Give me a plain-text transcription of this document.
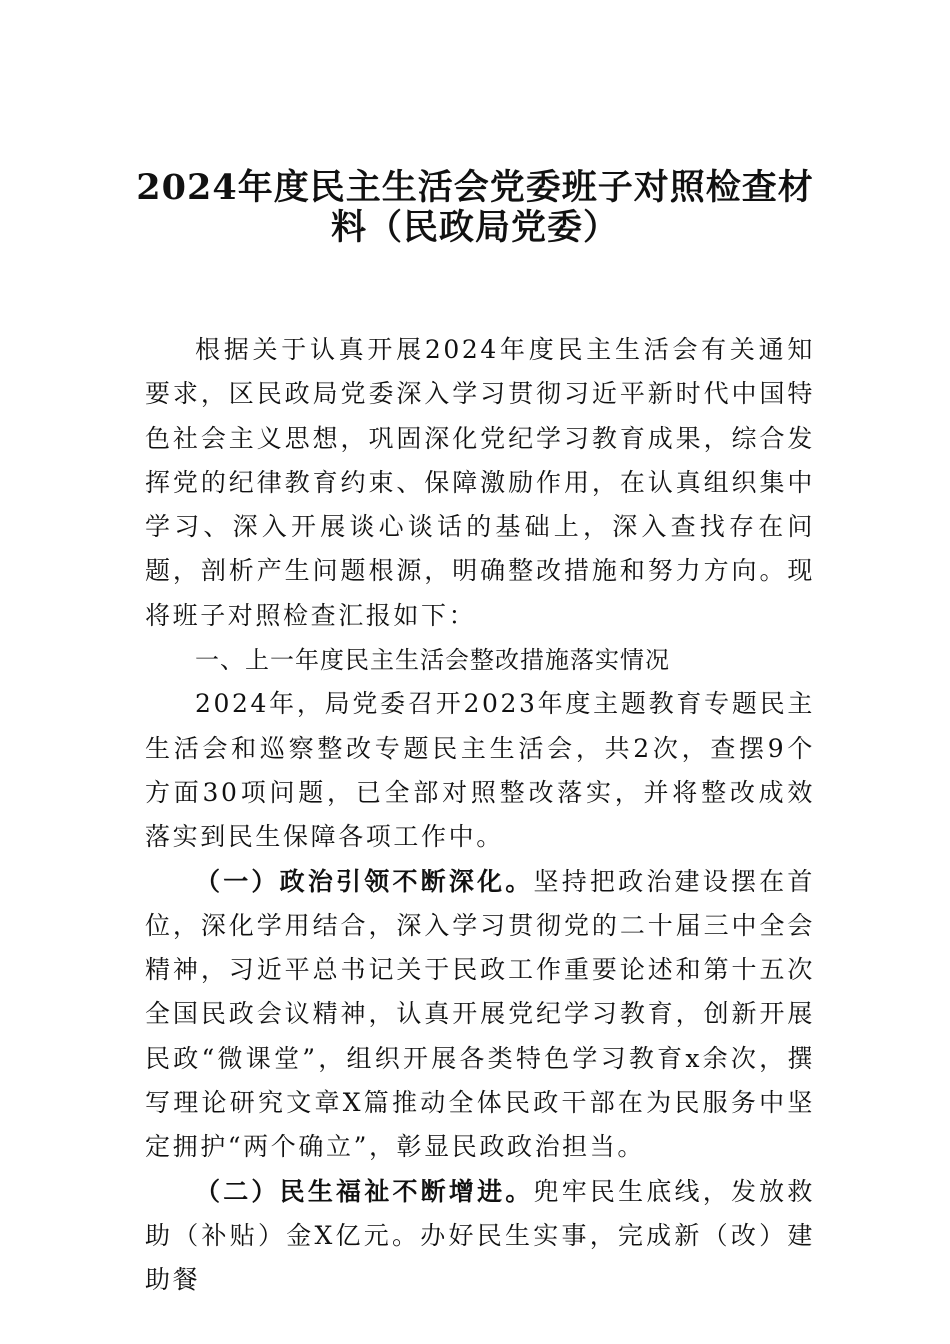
2024年度民主生活会党委班子对照检查材
料（民政局党委）

根据关于认真开展2024年度民主生活会有关通知要求，区民政局党委深入学习贯彻习近平新时代中国特色社会主义思想，巩固深化党纪学习教育成果，综合发挥党的纪律教育约束、保障激励作用，在认真组织集中学习、深入开展谈心谈话的基础上，深入查找存在问题，剖析产生问题根源，明确整改措施和努力方向。现将班子对照检查汇报如下：

一、上一年度民主生活会整改措施落实情况

2024年，局党委召开2023年度主题教育专题民主生活会和巡察整改专题民主生活会，共2次，查摆9个方面30项问题，已全部对照整改落实，并将整改成效落实到民生保障各项工作中。

（一）政治引领不断深化。坚持把政治建设摆在首位，深化学用结合，深入学习贯彻党的二十届三中全会精神，习近平总书记关于民政工作重要论述和第十五次全国民政会议精神，认真开展党纪学习教育，创新开展民政“微课堂”，组织开展各类特色学习教育x余次，撰写理论研究文章X篇推动全体民政干部在为民服务中坚定拥护“两个确立”，彰显民政政治担当。

（二）民生福祉不断增进。兜牢民生底线，发放救助（补贴）金X亿元。办好民生实事，完成新（改）建助餐
